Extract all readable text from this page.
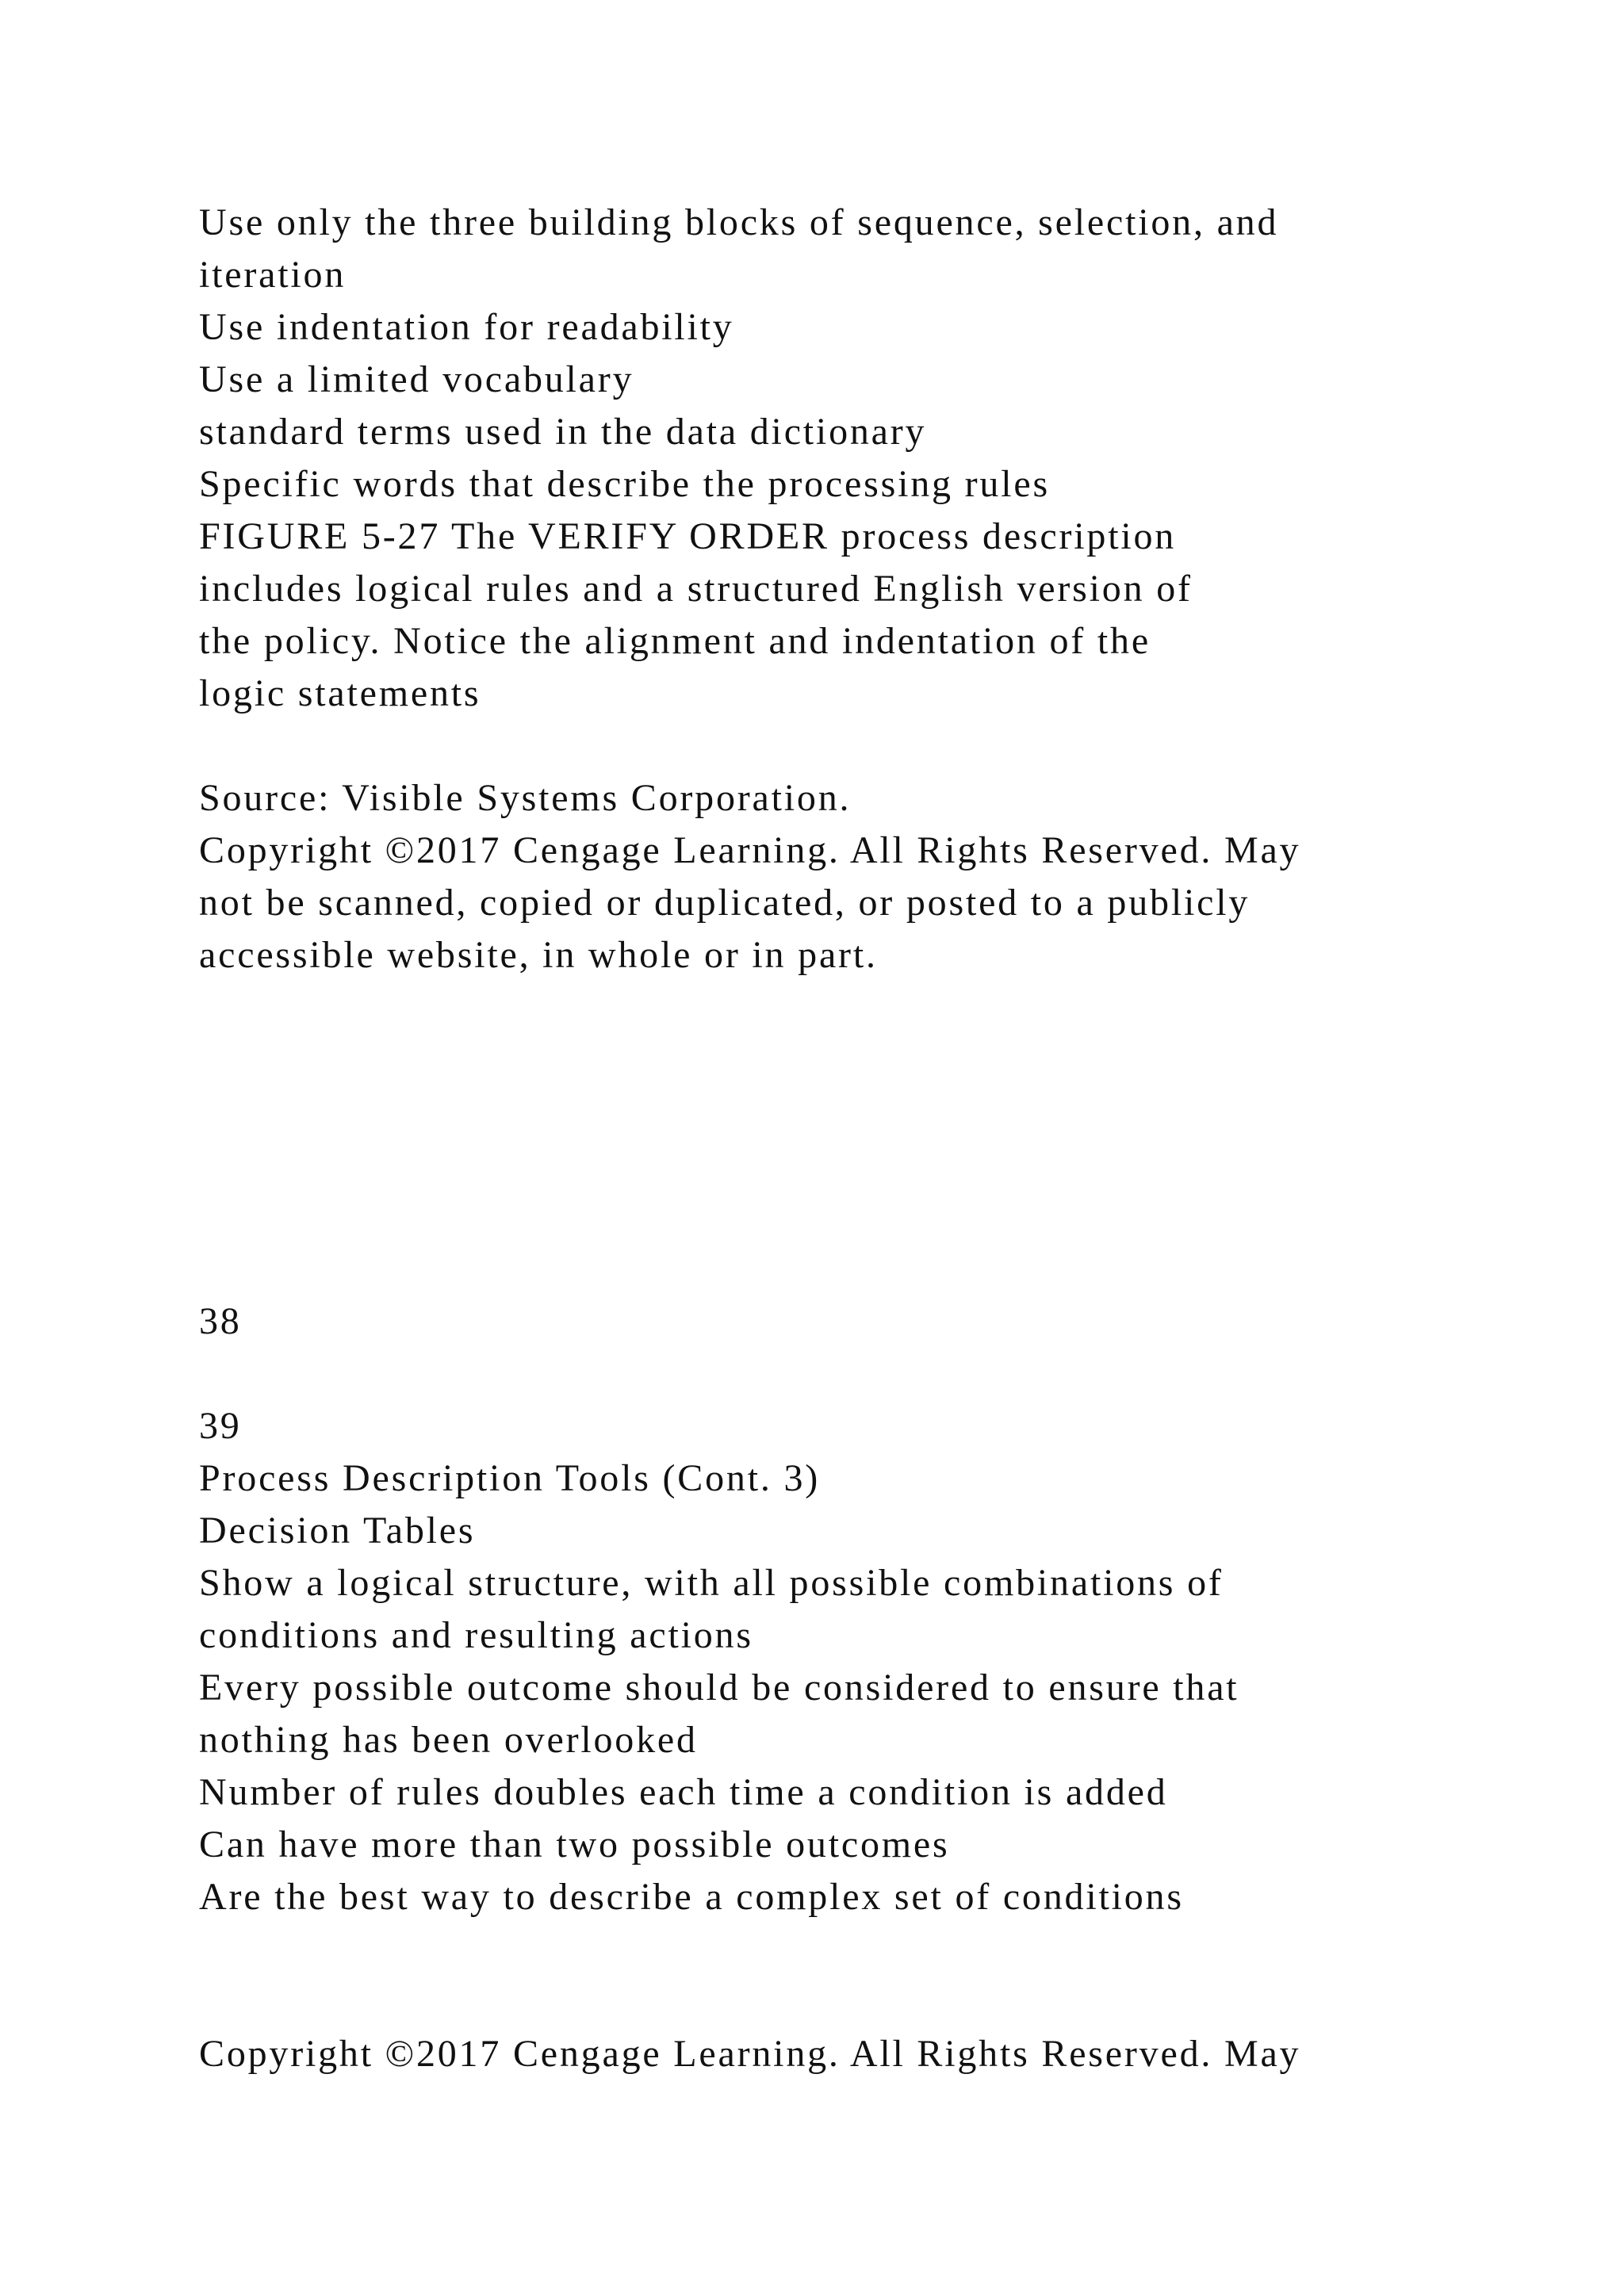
Use only the three building blocks of sequence, selection, and

iteration

Use indentation for readability

Use a limited vocabulary

standard terms used in the data dictionary

Specific words that describe the processing rules

FIGURE 5-27 The VERIFY ORDER process description

includes logical rules and a structured English version of

the policy. Notice the alignment and indentation of the

logic statements

Source: Visible Systems Corporation.

Copyright ©2017 Cengage Learning. All Rights Reserved. May

not be scanned, copied or duplicated, or posted to a publicly

accessible website, in whole or in part.

38

39

Process Description Tools (Cont. 3)

Decision Tables

Show a logical structure, with all possible combinations of

conditions and resulting actions

Every possible outcome should be considered to ensure that

nothing has been overlooked

Number of rules doubles each time a condition is added

Can have more than two possible outcomes

Are the best way to describe a complex set of conditions

Copyright ©2017 Cengage Learning. All Rights Reserved. May
